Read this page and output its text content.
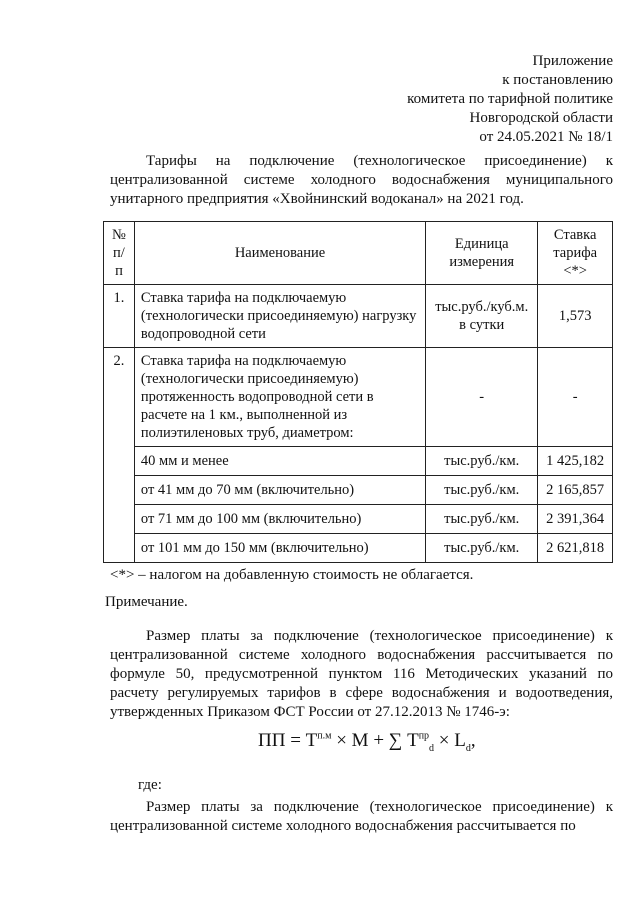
Приложение
к постановлению
комитета по тарифной политике
Новгородской области
от 24.05.2021 № 18/1
Тарифы на подключение (технологическое присоединение) к централизованной системе холодного водоснабжения муниципального унитарного предприятия «Хвойнинский водоканал» на 2021 год.
№ п/п	Наименование	Единица измерения	Ставка тарифа <*>
1.	Ставка тарифа на подключаемую (технологически присоединяемую) нагрузку водопроводной сети	тыс.руб./куб.м. в сутки	1,573
2.	Ставка тарифа на подключаемую (технологически присоединяемую) протяженность водопроводной сети в расчете на 1 км., выполненной из полиэтиленовых труб, диаметром:	-	-
	40 мм и менее	тыс.руб./км.	1 425,182
	от 41 мм до 70 мм (включительно)	тыс.руб./км.	2 165,857
	от 71 мм до 100 мм (включительно)	тыс.руб./км.	2 391,364
	от 101 мм до 150 мм (включительно)	тыс.руб./км.	2 621,818
<*> – налогом на добавленную стоимость не облагается.
Примечание.
Размер платы за подключение (технологическое присоединение) к централизованной системе холодного водоснабжения рассчитывается по формуле 50, предусмотренной пунктом 116 Методических указаний по расчету регулируемых тарифов в сфере водоснабжения и водоотведения, утвержденных Приказом ФСТ России от 27.12.2013 № 1746-э:
ПП = $Т^{п.м} \times М$ + ∑ $Т^{пр}_d \times L_d$,
где:
Размер платы за подключение (технологическое присоединение) к централизованной системе холодного водоснабжения рассчитывается по
